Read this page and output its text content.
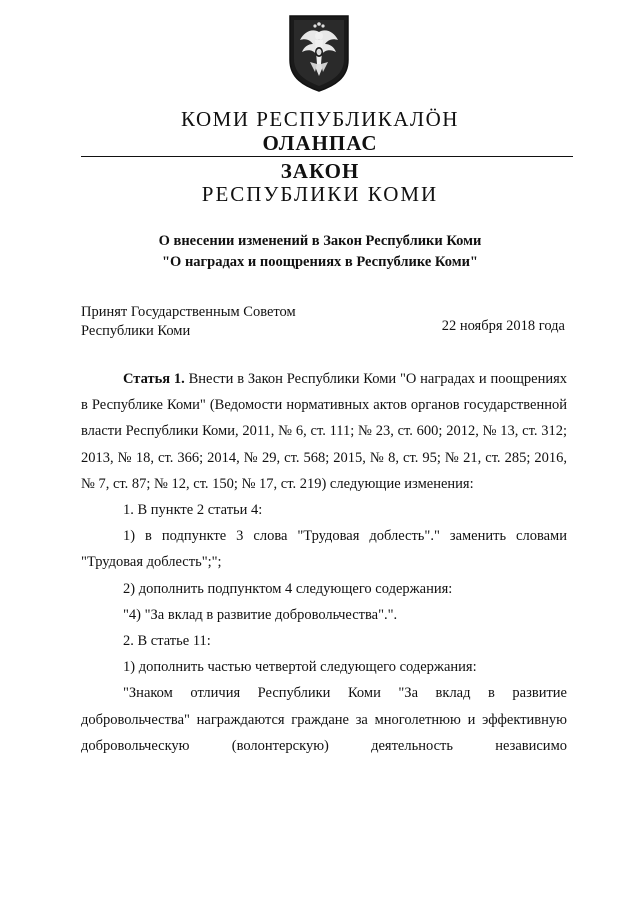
КОМИ РЕСПУБЛИКАЛӦН
ОЛАНПАС
ЗАКОН
РЕСПУБЛИКИ КОМИ
О внесении изменений в Закон Республики Коми
"О наградах и поощрениях в Республике Коми"
Принят Государственным Советом
Республики Коми	22 ноября 2018 года

Статья 1. Внести в Закон Республики Коми "О наградах и поощрениях в Республике Коми" (Ведомости нормативных актов органов государственной власти Республики Коми, 2011, № 6, ст. 111; № 23, ст. 600; 2012, № 13, ст. 312; 2013, № 18, ст. 366; 2014, № 29, ст. 568; 2015, № 8, ст. 95; № 21, ст. 285; 2016, № 7, ст. 87; № 12, ст. 150; № 17, ст. 219) следующие изменения:

1. В пункте 2 статьи 4:

1) в подпункте 3 слова "Трудовая доблесть"." заменить словами "Трудовая доблесть";";

2) дополнить подпунктом 4 следующего содержания:

"4) "За вклад в развитие добровольчества".".

2. В статье 11:

1) дополнить частью четвертой следующего содержания:

"Знаком отличия Республики Коми "За вклад в развитие добровольчества" награждаются граждане за многолетнюю и эффективную добровольческую (волонтерскую) деятельность независимо
